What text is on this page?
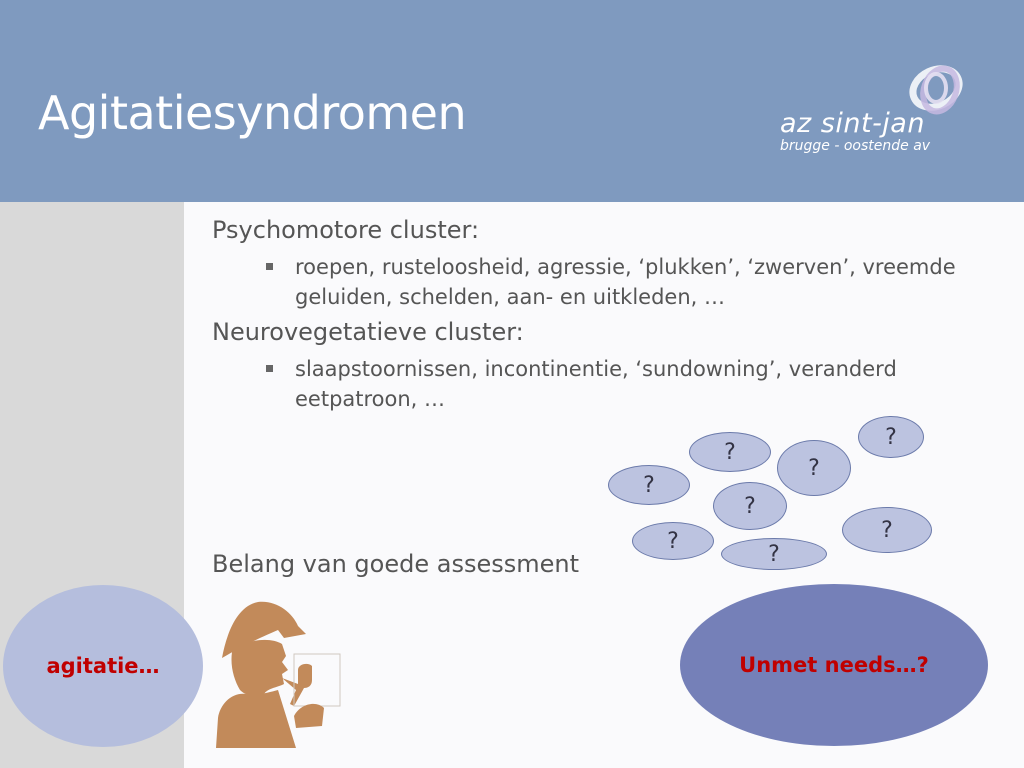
Agitatiesyndromen	az sint-jan
brugge - oostende av

Psychomotore cluster:

roepen, rusteloosheid, agressie, ‘plukken’, ‘zwerven’, vreemde geluiden, schelden, aan- en uitkleden, …

Neurovegetatieve cluster:

slaapstoornissen, incontinentie, ‘sundowning’, veranderd eetpatroon, …
?
?
?
?
?
?
?
?

Belang van goede assessment

agitatie…	Unmet needs…?
